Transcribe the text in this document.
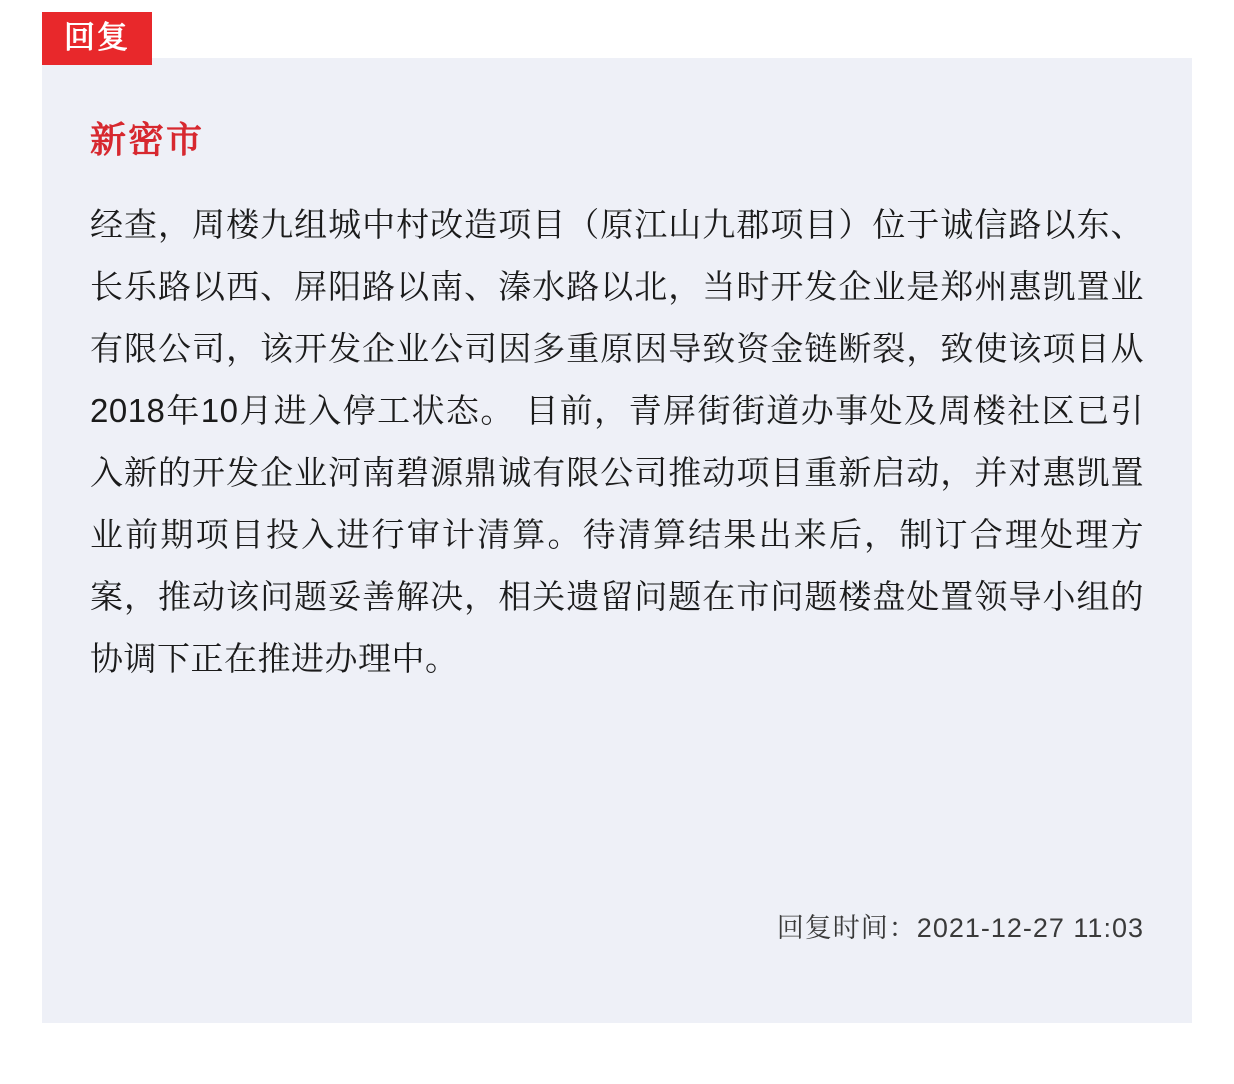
回复
新密市

经查，周楼九组城中村改造项目（原江山九郡项目）位于诚信路以东、长乐路以西、屏阳路以南、溱水路以北，当时开发企业是郑州惠凯置业有限公司，该开发企业公司因多重原因导致资金链断裂，致使该项目从2018年10月进入停工状态。 目前，青屏街街道办事处及周楼社区已引入新的开发企业河南碧源鼎诚有限公司推动项目重新启动，并对惠凯置业前期项目投入进行审计清算。待清算结果出来后，制订合理处理方案，推动该问题妥善解决，相关遗留问题在市问题楼盘处置领导小组的协调下正在推进办理中。

回复时间：2021-12-27 11:03
